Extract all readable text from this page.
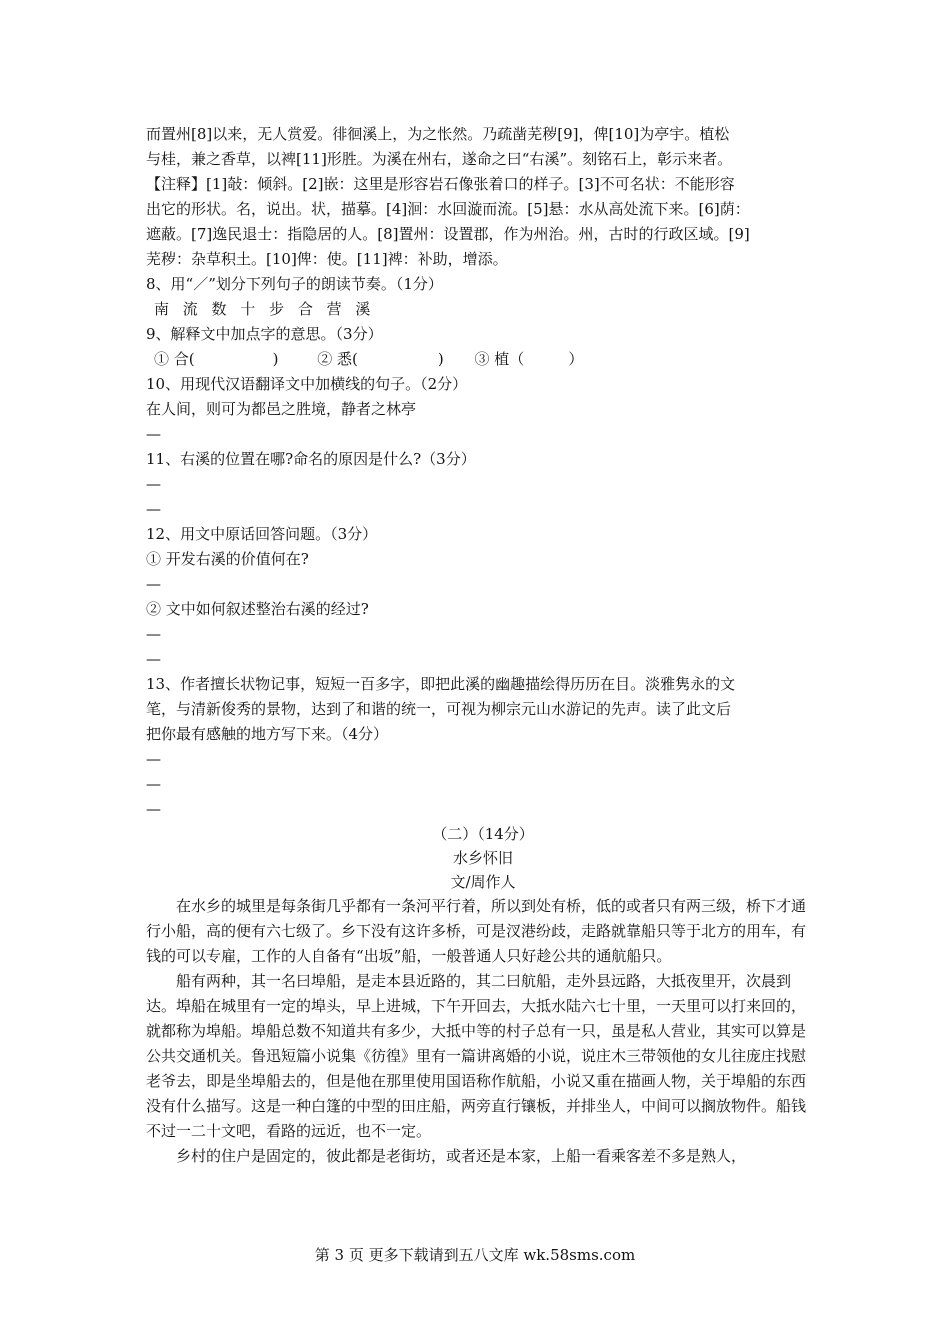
而置州[8]以来，无人赏爱。徘徊溪上，为之怅然。乃疏凿芜秽[9]，俾[10]为亭宇。植松
与桂，兼之香草，以裨[11]形胜。为溪在州右，遂命之曰“右溪”。刻铭石上，彰示来者。
【注释】[1]敧：倾斜。[2]嵌：这里是形容岩石像张着口的样子。[3]不可名状：不能形容
出它的形状。名，说出。状，描摹。[4]洄：水回漩而流。[5]悬：水从高处流下来。[6]荫：
遮蔽。[7]逸民退士：指隐居的人。[8]置州：设置郡，作为州治。州，古时的行政区域。[9]
芜秽：杂草积土。[10]俾：使。[11]裨：补助，增添。
8、用“／”划分下列句子的朗读节奏。（1分）
南 流 数 十 步 合 营 溪
9、解释文中加点字的意思。（3分）
① 合(	)	② 悉(	) ③ 植（	）
10、用现代汉语翻译文中加横线的句子。（2分）
在人间，则可为都邑之胜境，静者之林亭
—
11、右溪的位置在哪?命名的原因是什么?（3分）
—
—
12、用文中原话回答问题。（3分）
① 开发右溪的价值何在?
—
② 文中如何叙述整治右溪的经过?
—
—
13、作者擅长状物记事，短短一百多字，即把此溪的幽趣描绘得历历在目。淡雅隽永的文
笔，与清新俊秀的景物，达到了和谐的统一，可视为柳宗元山水游记的先声。读了此文后
把你最有感触的地方写下来。（4分）
—
—
—
（二）（14分）
水乡怀旧
文/周作人
在水乡的城里是每条街几乎都有一条河平行着，所以到处有桥，低的或者只有两三级，桥下才通行小船，高的便有六七级了。乡下没有这许多桥，可是汊港纷歧，走路就靠船只等于北方的用车，有钱的可以专雇，工作的人自备有“出坂”船，一般普通人只好趁公共的通航船只。
船有两种，其一名曰埠船，是走本县近路的，其二曰航船，走外县远路，大抵夜里开，次晨到达。埠船在城里有一定的埠头，早上进城，下午开回去，大抵水陆六七十里，一天里可以打来回的，就都称为埠船。埠船总数不知道共有多少，大抵中等的村子总有一只，虽是私人营业，其实可以算是公共交通机关。鲁迅短篇小说集《彷徨》里有一篇讲离婚的小说，说庄木三带领他的女儿往庞庄找慰老爷去，即是坐埠船去的，但是他在那里使用国语称作航船，小说又重在描画人物，关于埠船的东西没有什么描写。这是一种白篷的中型的田庄船，两旁直行镶板，并排坐人，中间可以搁放物件。船钱不过一二十文吧，看路的远近，也不一定。
乡村的住户是固定的，彼此都是老街坊，或者还是本家，上船一看乘客差不多是熟人，
第 3 页 更多下载请到五八文库 wk.58sms.com
